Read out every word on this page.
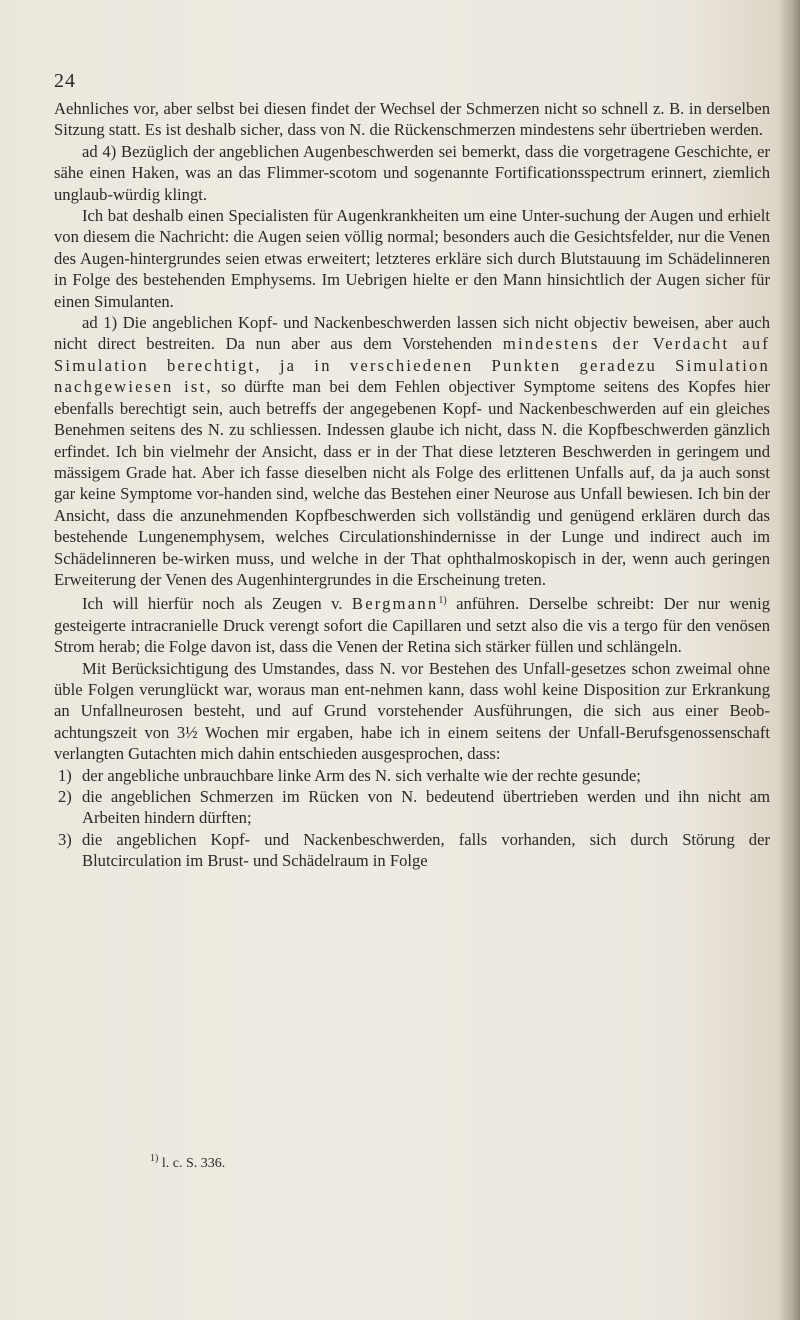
24

Aehnliches vor, aber selbst bei diesen findet der Wechsel der Schmerzen nicht so schnell z. B. in derselben Sitzung statt. Es ist deshalb sicher, dass von N. die Rückenschmerzen mindestens sehr übertrieben werden.

ad 4) Bezüglich der angeblichen Augenbeschwerden sei bemerkt, dass die vorgetragene Geschichte, er sähe einen Haken, was an das Flimmer-scotom und sogenannte Fortificationsspectrum erinnert, ziemlich unglaub-würdig klingt.

Ich bat deshalb einen Specialisten für Augenkrankheiten um eine Unter-suchung der Augen und erhielt von diesem die Nachricht: die Augen seien völlig normal; besonders auch die Gesichtsfelder, nur die Venen des Augen-hintergrundes seien etwas erweitert; letzteres erkläre sich durch Blutstauung im Schädelinneren in Folge des bestehenden Emphysems. Im Uebrigen hielte er den Mann hinsichtlich der Augen sicher für einen Simulanten.

ad 1) Die angeblichen Kopf- und Nackenbeschwerden lassen sich nicht objectiv beweisen, aber auch nicht direct bestreiten. Da nun aber aus dem Vorstehenden mindestens der Verdacht auf Simulation berechtigt, ja in verschiedenen Punkten geradezu Simulation nachgewiesen ist, so dürfte man bei dem Fehlen objectiver Symptome seitens des Kopfes hier ebenfalls berechtigt sein, auch betreffs der angegebenen Kopf- und Nackenbeschwerden auf ein gleiches Benehmen seitens des N. zu schliessen. Indessen glaube ich nicht, dass N. die Kopfbeschwerden gänzlich erfindet. Ich bin vielmehr der Ansicht, dass er in der That diese letzteren Beschwerden in geringem und mässigem Grade hat. Aber ich fasse dieselben nicht als Folge des erlittenen Unfalls auf, da ja auch sonst gar keine Symptome vor-handen sind, welche das Bestehen einer Neurose aus Unfall bewiesen. Ich bin der Ansicht, dass die anzunehmenden Kopfbeschwerden sich vollständig und genügend erklären durch das bestehende Lungenemphysem, welches Circulationshindernisse in der Lunge und indirect auch im Schädelinneren be-wirken muss, und welche in der That ophthalmoskopisch in der, wenn auch geringen Erweiterung der Venen des Augenhintergrundes in die Erscheinung treten.

Ich will hierfür noch als Zeugen v. Bergmann$^{1)}$ anführen. Derselbe schreibt: Der nur wenig gesteigerte intracranielle Druck verengt sofort die Capillaren und setzt also die vis a tergo für den venösen Strom herab; die Folge davon ist, dass die Venen der Retina sich stärker füllen und schlängeln.

Mit Berücksichtigung des Umstandes, dass N. vor Bestehen des Unfall-gesetzes schon zweimal ohne üble Folgen verunglückt war, woraus man ent-nehmen kann, dass wohl keine Disposition zur Erkrankung an Unfallneurosen besteht, und auf Grund vorstehender Ausführungen, die sich aus einer Beob-achtungszeit von 3½ Wochen mir ergaben, habe ich in einem seitens der Unfall-Berufsgenossenschaft verlangten Gutachten mich dahin entschieden ausgesprochen, dass:

1) der angebliche unbrauchbare linke Arm des N. sich verhalte wie der rechte gesunde;
2) die angeblichen Schmerzen im Rücken von N. bedeutend übertrieben werden und ihn nicht am Arbeiten hindern dürften;
3) die angeblichen Kopf- und Nackenbeschwerden, falls vorhanden, sich durch Störung der Blutcirculation im Brust- und Schädelraum in Folge
$^{1)}$ l. c. S. 336.
